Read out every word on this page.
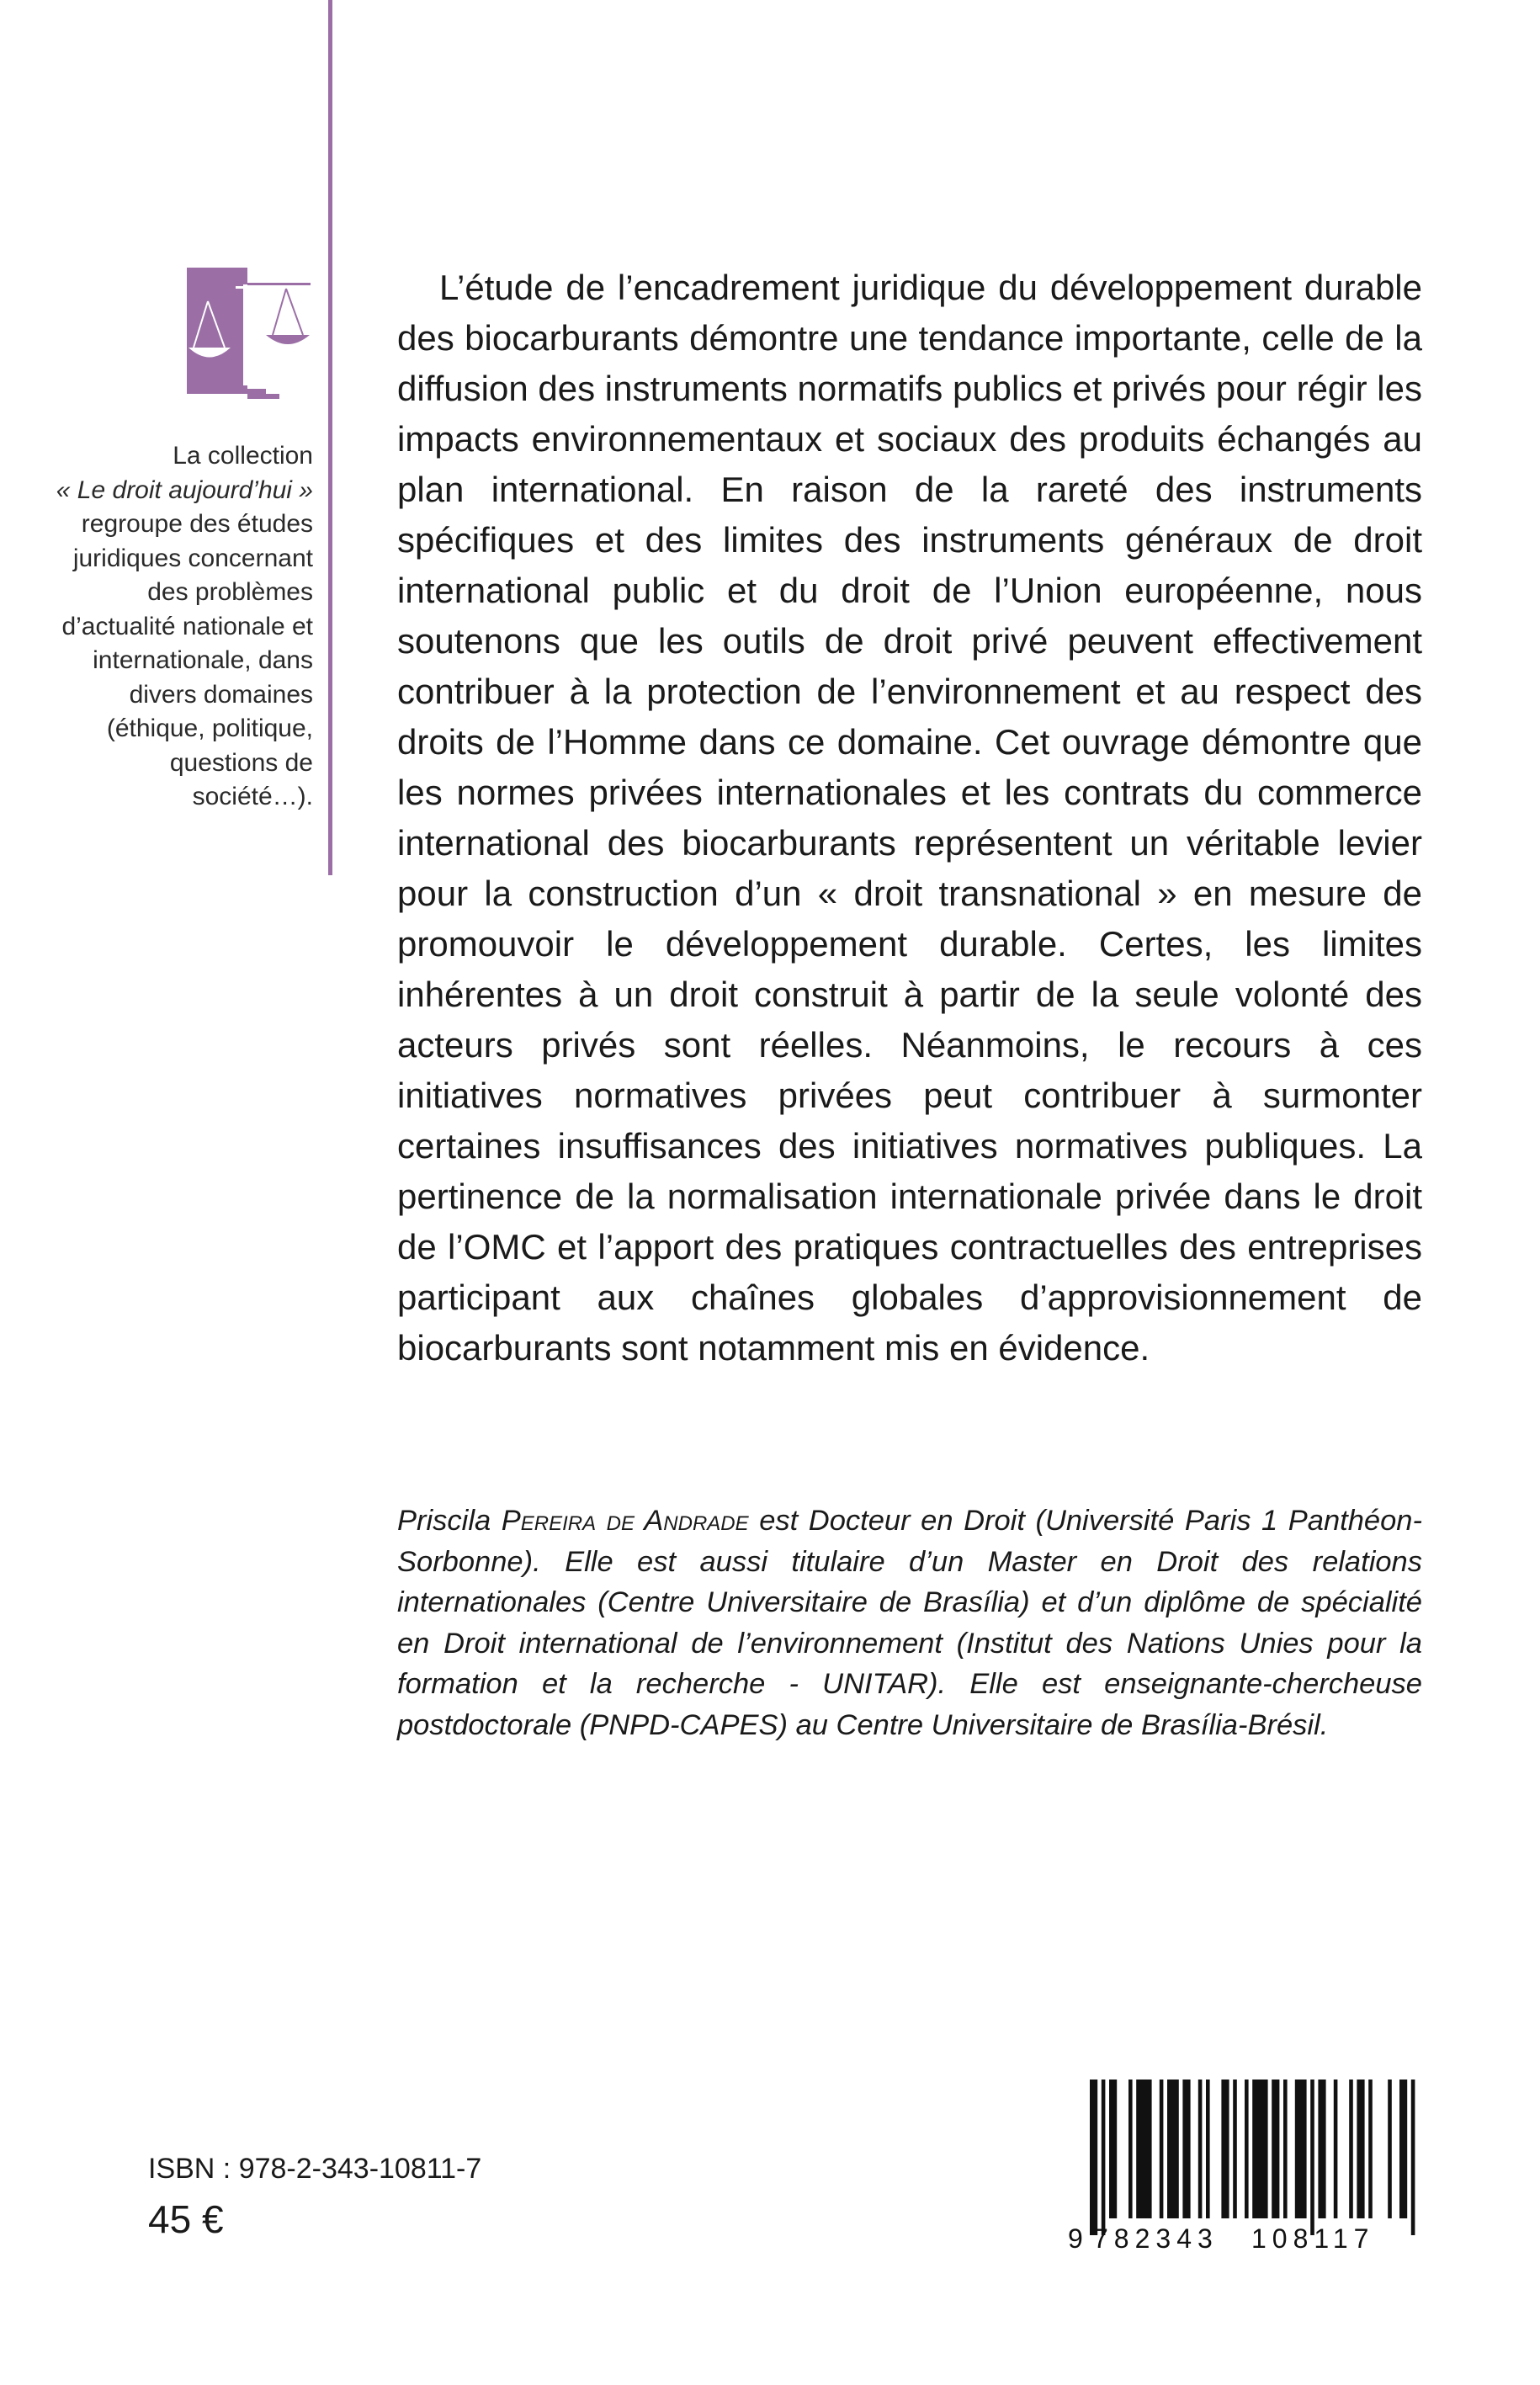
La collection
« Le droit aujourd’hui »
regroupe des études juridiques concernant des problèmes d’actualité nationale et internationale, dans divers domaines (éthique, politique, questions de société…).

L’étude de l’encadrement juridique du développement durable des biocarburants démontre une tendance importante, celle de la diffusion des instruments normatifs publics et privés pour régir les impacts environnementaux et sociaux des produits échangés au plan international. En raison de la rareté des instruments spécifiques et des limites des instruments généraux de droit international public et du droit de l’Union européenne, nous soutenons que les outils de droit privé peuvent effectivement contribuer à la protection de l’environnement et au respect des droits de l’Homme dans ce domaine. Cet ouvrage démontre que les normes privées internationales et les contrats du commerce international des biocarburants représentent un véritable levier pour la construction d’un « droit transnational » en mesure de promouvoir le développement durable. Certes, les limites inhérentes à un droit construit à partir de la seule volonté des acteurs privés sont réelles. Néanmoins, le recours à ces initiatives normatives privées peut contribuer à surmonter certaines insuffisances des initiatives normatives publiques. La pertinence de la normalisation internationale privée dans le droit de l’OMC et l’apport des pratiques contractuelles des entreprises participant aux chaînes globales d’approvisionnement de biocarburants sont notamment mis en évidence.

Priscila Pereira de Andrade est Docteur en Droit (Université Paris 1 Panthéon-Sorbonne). Elle est aussi titulaire d’un Master en Droit des relations internationales (Centre Universitaire de Brasília) et d’un diplôme de spécialité en Droit international de l’environnement (Institut des Nations Unies pour la formation et la recherche - UNITAR). Elle est enseignante-chercheuse postdoctorale (PNPD-CAPES) au Centre Universitaire de Brasília-Brésil.

ISBN : 978-2-343-10811-7
45 €	9 782343 108117
